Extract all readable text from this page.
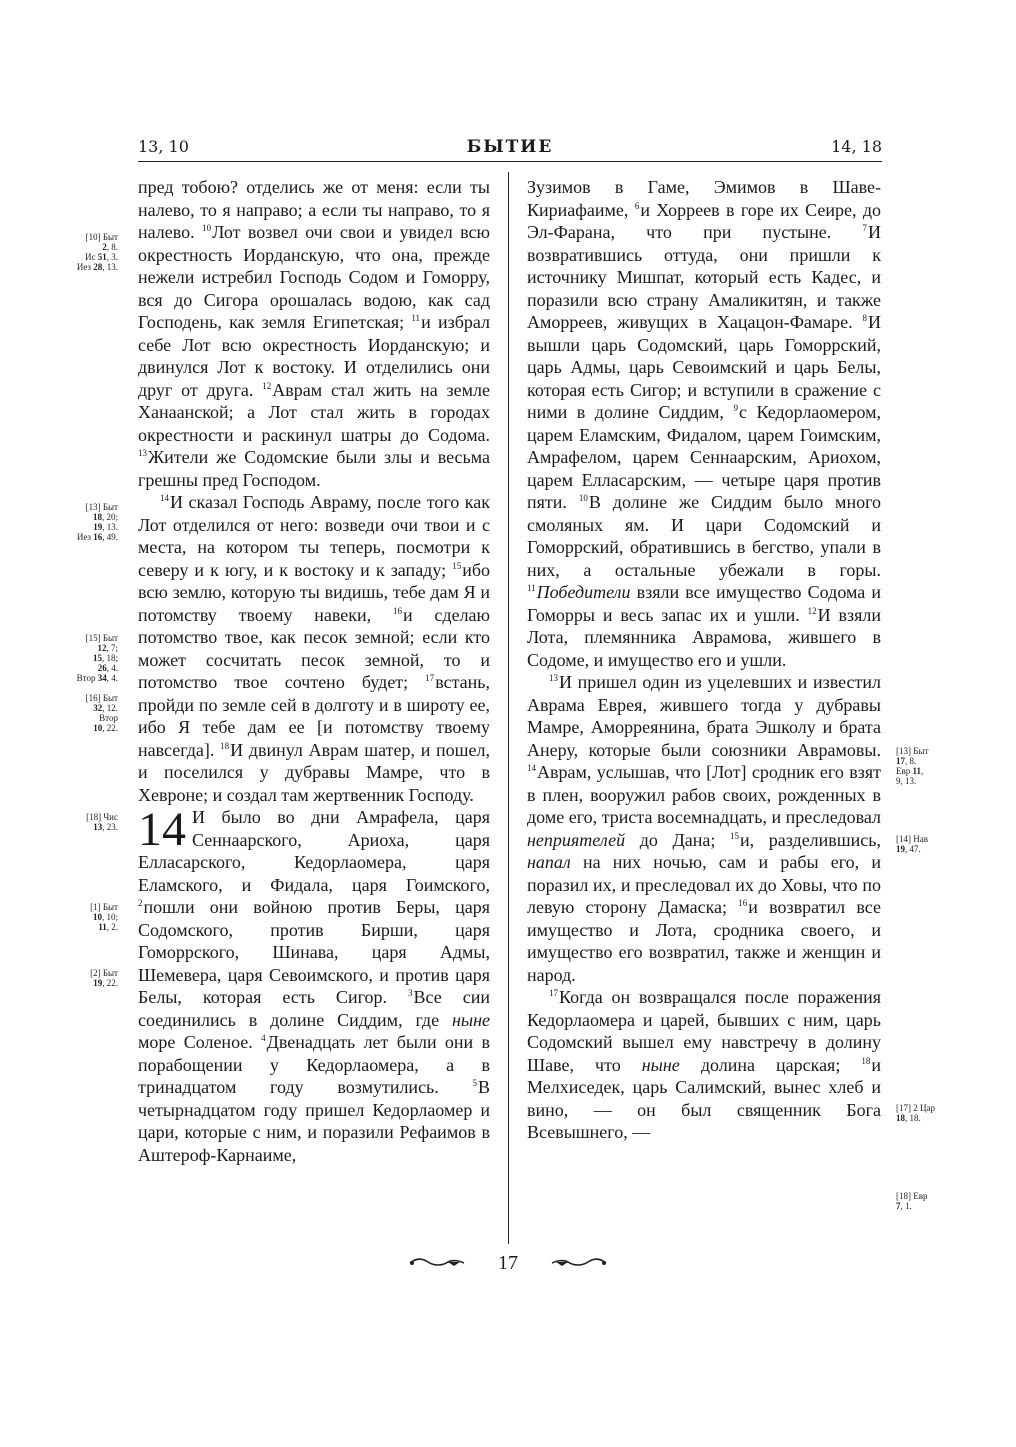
13, 10	БЫТИЕ	14, 18
[10] Быт
2, 8.
Ис 51, 3.
Иез 28, 13.
[13] Быт
18, 20;
19, 13.
Иез 16, 49.
[15] Быт
12, 7;
15, 18;
26, 4.
Втор 34, 4.
[16] Быт
32, 12.
Втор
10, 22.
[18] Чис
13, 23.
[1] Быт
10, 10;
11, 2.
[2] Быт
19, 22.

пред тобою? отделись же от меня: если ты налево, то я направо; а если ты направо, то я налево. $^{10}$Лот возвел очи свои и увидел всю окрестность Иорданскую, что она, прежде нежели истребил Господь Содом и Гоморру, вся до Сигора орошалась водою, как сад Господень, как земля Египетская; $^{11}$и избрал себе Лот всю окрестность Иорданскую; и двинулся Лот к востоку. И отделились они друг от друга. $^{12}$Аврам стал жить на земле Ханаанской; а Лот стал жить в городах окрестности и раскинул шатры до Содома. $^{13}$Жители же Содомские были злы и весьма грешны пред Господом.

$^{14}$И сказал Господь Авраму, после того как Лот отделился от него: возведи очи твои и с места, на котором ты теперь, посмотри к северу и к югу, и к востоку и к западу; $^{15}$ибо всю землю, которую ты видишь, тебе дам Я и потомству твоему навеки, $^{16}$и сделаю потомство твое, как песок земной; если кто может сосчитать песок земной, то и потомство твое сочтено будет; $^{17}$встань, пройди по земле сей в долготу и в широту ее, ибо Я тебе дам ее [и потомству твоему навсегда]. $^{18}$И двинул Аврам шатер, и пошел, и поселился у дубравы Мамре, что в Хевроне; и создал там жертвенник Господу.

14 И было во дни Амрафела, царя Сеннаарского, Ариоха, царя Елласарского, Кедорлаомера, царя Еламского, и Фидала, царя Гоимского, $^2$пошли они войною против Беры, царя Содомского, против Бирши, царя Гоморрского, Шинава, царя Адмы, Шемевера, царя Севоимского, и против царя Белы, которая есть Сигор. $^3$Все сии соединились в долине Сиддим, где ныне море Соленое. $^4$Двенадцать лет были они в порабощении у Кедорлаомера, а в тринадцатом году возмутились.	$^5$В четырнадцатом году пришел Кедорлаомер и цари, которые с ним, и поразили Рефаимов в Аштероф-Карнаиме,

Зузимов в Гаме, Эмимов в Шаве-Кириафаиме, $^6$и Хорреев в горе их Сеире, до Эл-Фарана, что при пустыне.	$^7$И возвратившись оттуда, они пришли к источнику Мишпат, который есть Кадес, и поразили всю страну Амаликитян, и также Аморреев, живущих в Хацацон-Фамаре. $^8$И вышли царь Содомский, царь Гоморрский, царь Адмы, царь Севоимский и царь Белы, которая есть Сигор; и вступили в сражение с ними в долине Сиддим, $^9$с Кедорлаомером, царем Еламским, Фидалом, царем Гоимским, Амрафелом, царем Сеннаарским, Ариохом, царем Елласарским, — четыре царя против пяти. $^{10}$В долине же Сиддим было много смоляных ям. И цари Содомский и Гоморрский, обратившись в бегство, упали в них, а остальные убежали в горы. $^{11}$Победители взяли все имущество Содома и Гоморры и весь запас их и ушли. $^{12}$И взяли Лота, племянника Аврамова, жившего в Содоме, и имущество его и ушли.

$^{13}$И пришел один из уцелевших и известил Аврама Еврея, жившего тогда у дубравы Мамре, Аморреянина, брата Эшколу и брата Анеру, которые были союзники Аврамовы. $^{14}$Аврам, услышав, что [Лот] сродник его взят в плен, вооружил рабов своих, рожденных в доме его, триста восемнадцать, и преследовал неприятелей до Дана; $^{15}$и, разделившись, напал на них ночью, сам и рабы его, и поразил их, и преследовал их до Ховы, что по левую сторону Дамаска; $^{16}$и возвратил все имущество и Лота, сродника своего, и имущество его возвратил, также и женщин и народ.

$^{17}$Когда он возвращался после поражения Кедорлаомера и царей, бывших с ним, царь Содомский вышел ему навстречу в долину Шаве, что ныне долина царская; $^{18}$и Мелхиседек, царь Салимский, вынес хлеб и вино, — он был священник Бога Всевышнего, —

[13] Быт
17, 8.
Евр 11,
9, 13.
[14] Нав
19, 47.
[17] 2 Цар
18, 18.
[18] Евр
7, 1.
17
